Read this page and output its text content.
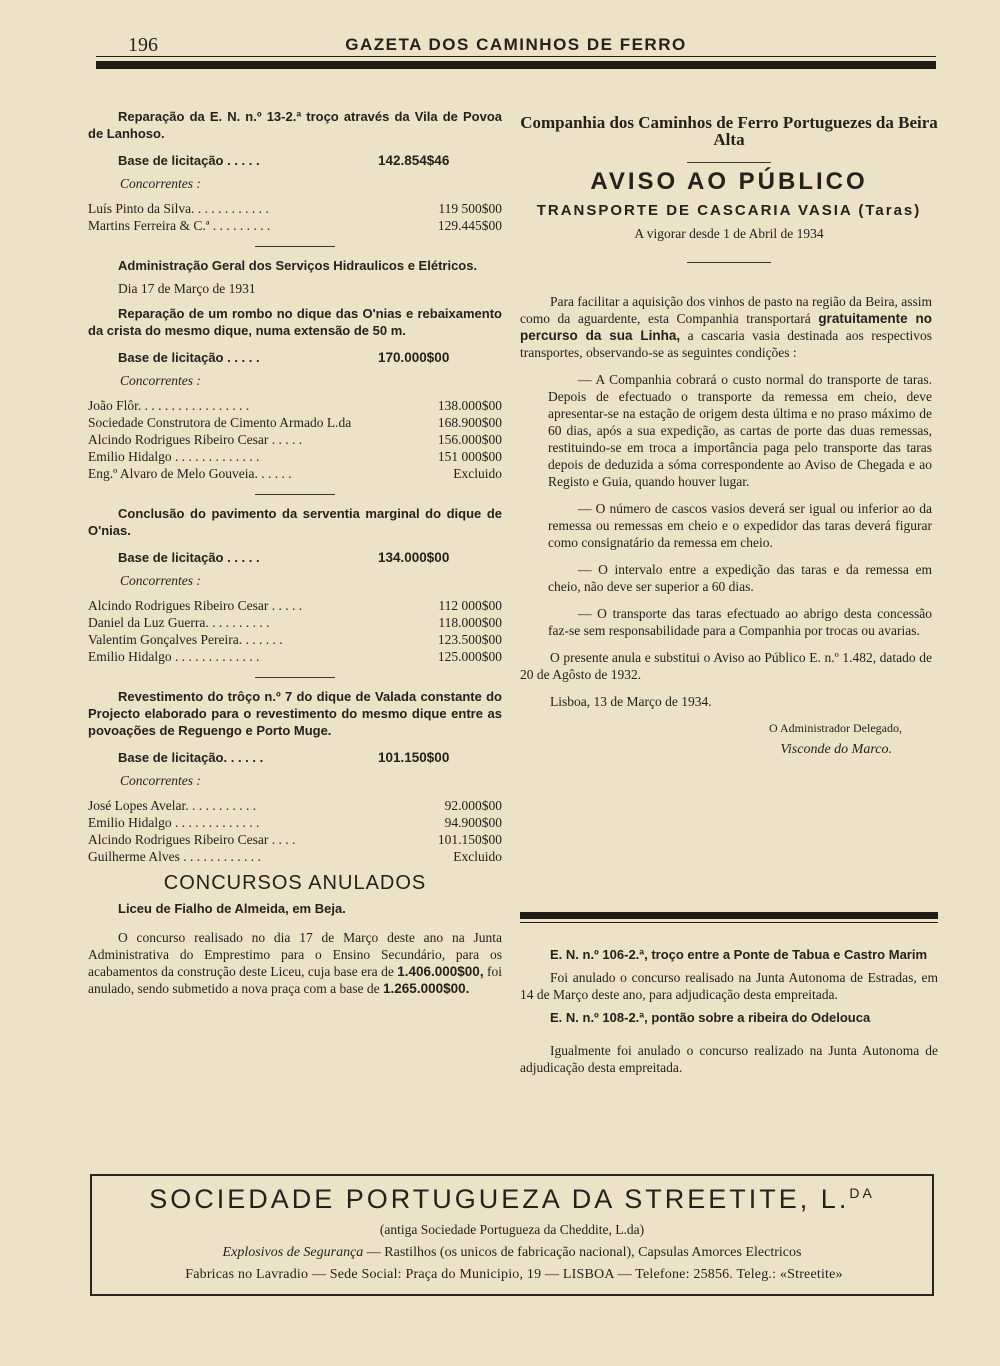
196	GAZETA DOS CAMINHOS DE FERRO

Reparação da E. N. n.º 13-2.ª troço através da Vila de Povoa de Lanhoso.

Base de licitação . . . . .	142.854$46
Concorrentes :
Luís Pinto da Silva. . . . . . . . . . . .	119 500$00
Martins Ferreira & C.ª . . . . . . . . .	129.445$00

Administração Geral dos Serviços Hidraulicos e Elétricos.

Dia 17 de Março de 1931

Reparação de um rombo no dique das O'nias e rebaixamento da crista do mesmo dique, numa extensão de 50 m.

Base de licitação . . . . .	170.000$00
Concorrentes :
João Flôr. . . . . . . . . . . . . . . . .	138.000$00
Sociedade Construtora de Cimento Armado L.da	168.900$00
Alcindo Rodrigues Ribeiro Cesar . . . . .	156.000$00
Emilio Hidalgo . . . . . . . . . . . . .	151 000$00
Eng.º Alvaro de Melo Gouveia. . . . . .	Excluido

Conclusão do pavimento da serventia marginal do dique de O'nias.

Base de licitação . . . . .	134.000$00
Concorrentes :
Alcindo Rodrigues Ribeiro Cesar . . . . .	112 000$00
Daniel da Luz Guerra. . . . . . . . . .	118.000$00
Valentim Gonçalves Pereira. . . . . . .	123.500$00
Emilio Hidalgo . . . . . . . . . . . . .	125.000$00

Revestimento do trôço n.º 7 do dique de Valada constante do Projecto elaborado para o revestimento do mesmo dique entre as povoações de Reguengo e Porto Muge.

Base de licitação. . . . . .	101.150$00
Concorrentes :
José Lopes Avelar. . . . . . . . . . .	92.000$00
Emilio Hidalgo . . . . . . . . . . . . .	94.900$00
Alcindo Rodrigues Ribeiro Cesar . . . .	101.150$00
Guilherme Alves . . . . . . . . . . . .	Excluido
CONCURSOS ANULADOS

Liceu de Fialho de Almeida, em Beja.

O concurso realisado no dia 17 de Março deste ano na Junta Administrativa do Emprestimo para o Ensino Secundário, para os acabamentos da construção deste Liceu, cuja base era de 1.406.000$00, foi anulado, sendo submetido a nova praça com a base de 1.265.000$00.

Companhia dos Caminhos de Ferro Portuguezes da Beira Alta
AVISO AO PÚBLICO
TRANSPORTE DE CASCARIA VASIA (Taras)
A vigorar desde 1 de Abril de 1934

Para facilitar a aquisição dos vinhos de pasto na região da Beira, assim como da aguardente, esta Companhia transportará gratuitamente no percurso da sua Linha, a cascaria vasia destinada aos respectivos transportes, observando-se as seguintes condições :

— A Companhia cobrará o custo normal do transporte de taras. Depois de efectuado o transporte da remessa em cheio, deve apresentar-se na estação de origem desta última e no praso máximo de 60 dias, após a sua expedição, as cartas de porte das duas remessas, restituindo-se em troca a importância paga pelo transporte das taras depois de deduzida a sóma correspondente ao Aviso de Chegada e ao Registo e Guia, quando houver lugar.

— O número de cascos vasios deverá ser igual ou inferior ao da remessa ou remessas em cheio e o expedidor das taras deverá figurar como consignatário da remessa em cheio.

— O intervalo entre a expedição das taras e da remessa em cheio, não deve ser superior a 60 dias.

— O transporte das taras efectuado ao abrigo desta concessão faz-se sem responsabilidade para a Companhia por trocas ou avarias.

O presente anula e substitui o Aviso ao Público E. n.º 1.482, datado de 20 de Agôsto de 1932.

Lisboa, 13 de Março de 1934.

O Administrador Delegado,
Visconde do Marco.

E. N. n.º 106-2.ª, troço entre a Ponte de Tabua e Castro Marim

Foi anulado o concurso realisado na Junta Autonoma de Estradas, em 14 de Março deste ano, para adjudicação desta empreitada.

E. N. n.º 108-2.ª, pontão sobre a ribeira do Odelouca

Igualmente foi anulado o concurso realizado na Junta Autonoma de adjudicação desta empreitada.

SOCIEDADE PORTUGUEZA DA STREETITE, L.$^{DA}$
(antiga Sociedade Portugueza da Cheddite, L.da)
Explosivos de Segurança — Rastilhos (os unicos de fabricação nacional), Capsulas Amorces Electricos
Fabricas no Lavradio — Sede Social: Praça do Municipio, 19 — LISBOA — Telefone: 25856. Teleg.: «Streetite»
